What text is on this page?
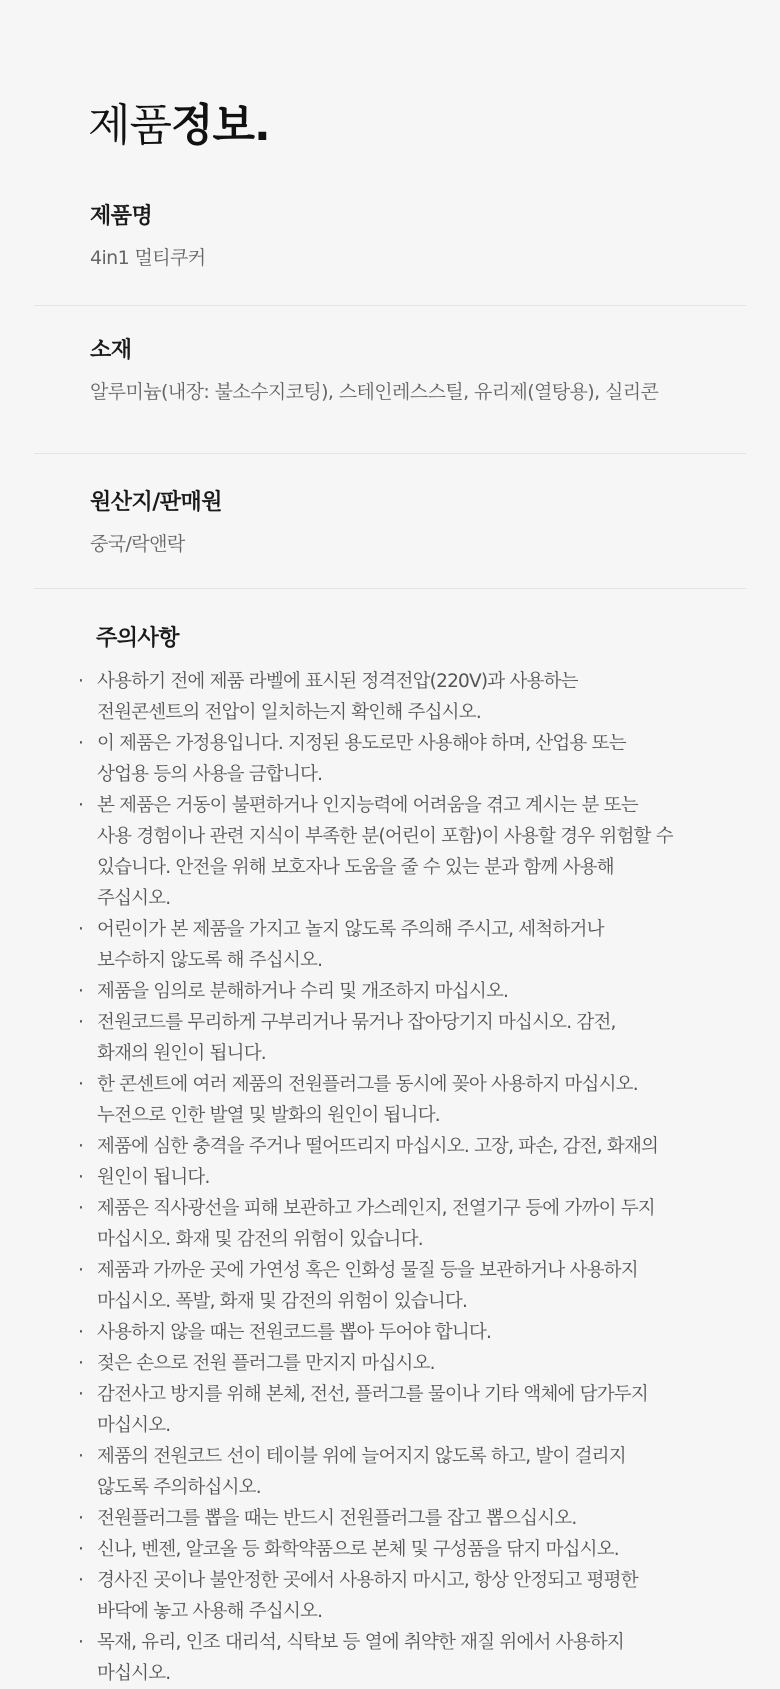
제품정보.
제품명
4in1 멀티쿠커
소재
알루미늄(내장: 불소수지코팅), 스테인레스스틸, 유리제(열탕용), 실리콘
원산지/판매원
중국/락앤락
주의사항
· 사용하기 전에 제품 라벨에 표시된 정격전압(220V)과 사용하는
전원콘센트의 전압이 일치하는지 확인해 주십시오.
· 이 제품은 가정용입니다. 지정된 용도로만 사용해야 하며, 산업용 또는
상업용 등의 사용을 금합니다.
· 본 제품은 거동이 불편하거나 인지능력에 어려움을 겪고 계시는 분 또는
사용 경험이나 관련 지식이 부족한 분(어린이 포함)이 사용할 경우 위험할 수
있습니다. 안전을 위해 보호자나 도움을 줄 수 있는 분과 함께 사용해
주십시오.
· 어린이가 본 제품을 가지고 놀지 않도록 주의해 주시고, 세척하거나
보수하지 않도록 해 주십시오.
· 제품을 임의로 분해하거나 수리 및 개조하지 마십시오.
· 전원코드를 무리하게 구부리거나 묶거나 잡아당기지 마십시오. 감전,
화재의 원인이 됩니다.
· 한 콘센트에 여러 제품의 전원플러그를 동시에 꽂아 사용하지 마십시오.
누전으로 인한 발열 및 발화의 원인이 됩니다.
· 제품에 심한 충격을 주거나 떨어뜨리지 마십시오. 고장, 파손, 감전, 화재의
· 원인이 됩니다.
· 제품은 직사광선을 피해 보관하고 가스레인지, 전열기구 등에 가까이 두지
마십시오. 화재 및 감전의 위험이 있습니다.
· 제품과 가까운 곳에 가연성 혹은 인화성 물질 등을 보관하거나 사용하지
마십시오. 폭발, 화재 및 감전의 위험이 있습니다.
· 사용하지 않을 때는 전원코드를 뽑아 두어야 합니다.
· 젖은 손으로 전원 플러그를 만지지 마십시오.
· 감전사고 방지를 위해 본체, 전선, 플러그를 물이나 기타 액체에 담가두지
마십시오.
· 제품의 전원코드 선이 테이블 위에 늘어지지 않도록 하고, 발이 걸리지
않도록 주의하십시오.
· 전원플러그를 뽑을 때는 반드시 전원플러그를 잡고 뽑으십시오.
· 신나, 벤젠, 알코올 등 화학약품으로 본체 및 구성품을 닦지 마십시오.
· 경사진 곳이나 불안정한 곳에서 사용하지 마시고, 항상 안정되고 평평한
바닥에 놓고 사용해 주십시오.
· 목재, 유리, 인조 대리석, 식탁보 등 열에 취약한 재질 위에서 사용하지
마십시오.
